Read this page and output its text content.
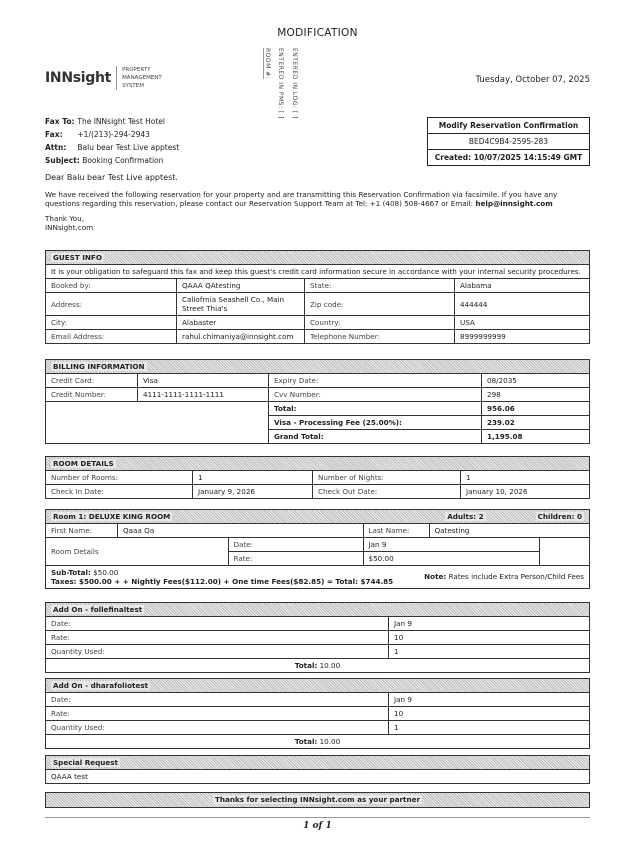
MODIFICATION
INNsight	PROPERTY
MANAGEMENT
SYSTEM
ROOM #: ENTERED IN PMS: [ ] ENTERED IN LOG: [ ]	Tuesday, October 07, 2025
Fax To: The INNsight Test Hotel
Fax: +1/(213)-294-2943
Attn: Balu bear Test Live apptest
Subject: Booking Confirmation
Modify Reservation Confirmation
BED4C9B4-2595-283
Created: 10/07/2025 14:15:49 GMT
Dear Balu bear Test Live apptest.
We have received the following reservation for your property and are transmitting this Reservation Confirmation via facsimile. If you have any questions regarding this reservation, please contact our Reservation Support Team at Tel: +1 (408) 508-4667 or Email: help@innsight.com
Thank You,
INNsight.com
GUEST INFO			
It is your obligation to safeguard this fax and keep this guest's credit card information secure in accordance with your internal security procedures.			
Booked by:	QAAA QAtesting	State:	Alabama
Address:	Caliofrnia Seashell Co., Main Street Thia's	Zip code:	444444
City:	Alabaster	Country:	USA
Email Address:	rahul.chimaniya@innsight.com	Telephone Number:	8999999999
BILLING INFORMATION			
Credit Card:	Visa	Expiry Date:	08/2035
Credit Number:	4111-1111-1111-1111	Cvv Number:	298
		Total:	956.06
		Visa - Processing Fee (25.00%):	239.02
		Grand Total:	1,195.08
ROOM DETAILS			
Number of Rooms:	1	Number of Nights:	1
Check In Date:	January 9, 2026	Check Out Date:	January 10, 2026
Room 1: DELUXE KING ROOM Children: 0
Adults: 2					

First Name:	Qaaa Qa		Last Name:	Qatesting	
Room Details		Date:	Jan 9		
		Rate:	$50.00		

Note: Rates include Extra Person/Child Fees
Sub-Total: $50.00
Taxes: $500.00 + + Nightly Fees($112.00) + One time Fees($82.85) = Total: $744.85					
Add On - follefinaltest	
Date:	Jan 9
Rate:	10
Quantity Used:	1
Total: 10.00	
Add On - dharafoliotest	
Date:	Jan 9
Rate:	10
Quantity Used:	1
Total: 10.00	
Special Request
QAAA test
Thanks for selecting INNsight.com as your partner
1 of 1
